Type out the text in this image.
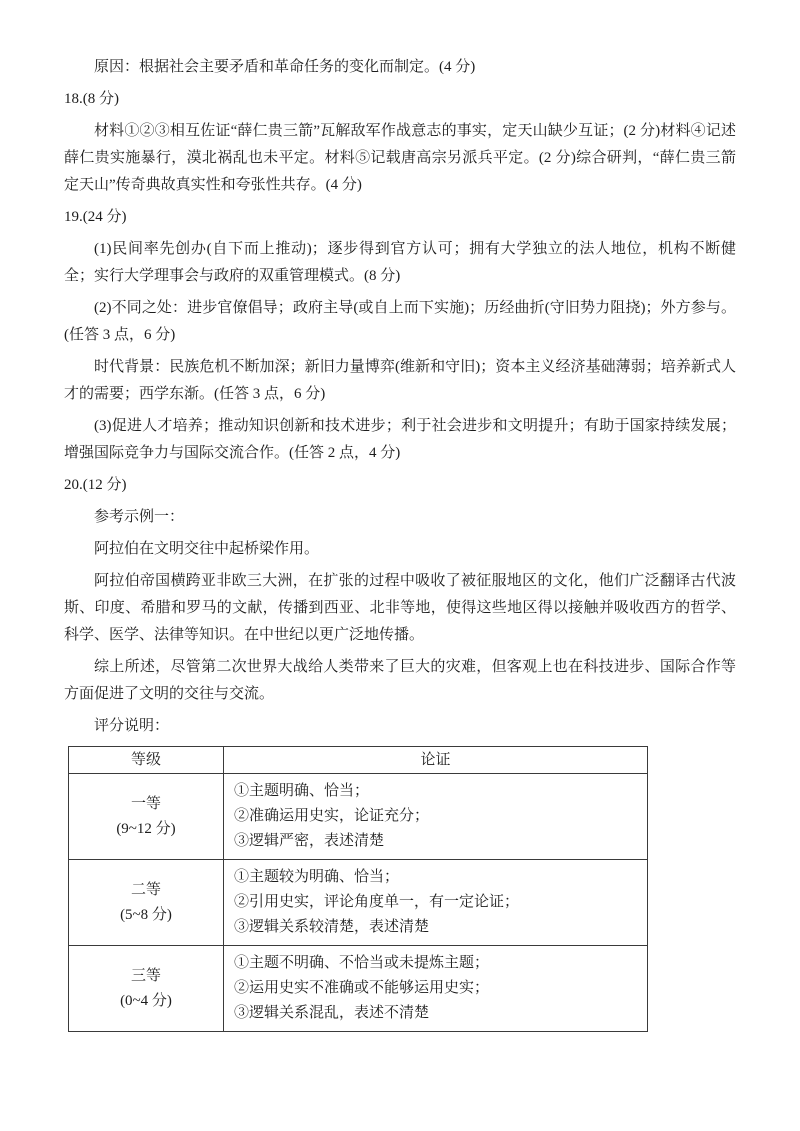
原因：根据社会主要矛盾和革命任务的变化而制定。(4 分)

18.(8 分)

材料①②③相互佐证“薛仁贵三箭”瓦解敌军作战意志的事实，定天山缺少互证；(2 分)材料④记述薛仁贵实施暴行，漠北祸乱也未平定。材料⑤记载唐高宗另派兵平定。(2 分)综合研判，“薛仁贵三箭定天山”传奇典故真实性和夸张性共存。(4 分)

19.(24 分)

(1)民间率先创办(自下而上推动)；逐步得到官方认可；拥有大学独立的法人地位，机构不断健全；实行大学理事会与政府的双重管理模式。(8 分)

(2)不同之处：进步官僚倡导；政府主导(或自上而下实施)；历经曲折(守旧势力阻挠)；外方参与。(任答 3 点，6 分)

时代背景：民族危机不断加深；新旧力量博弈(维新和守旧)；资本主义经济基础薄弱；培养新式人才的需要；西学东渐。(任答 3 点，6 分)

(3)促进人才培养；推动知识创新和技术进步；利于社会进步和文明提升；有助于国家持续发展；增强国际竞争力与国际交流合作。(任答 2 点，4 分)

20.(12 分)

参考示例一：

阿拉伯在文明交往中起桥梁作用。

阿拉伯帝国横跨亚非欧三大洲，在扩张的过程中吸收了被征服地区的文化，他们广泛翻译古代波斯、印度、希腊和罗马的文献，传播到西亚、北非等地，使得这些地区得以接触并吸收西方的哲学、科学、医学、法律等知识。在中世纪以更广泛地传播。

综上所述，尽管第二次世界大战给人类带来了巨大的灾难，但客观上也在科技进步、国际合作等方面促进了文明的交往与交流。

评分说明：

等级	论证

一等
(9~12 分)	①主题明确、恰当；
②准确运用史实，论证充分；
③逻辑严密，表述清楚

二等
(5~8 分)	①主题较为明确、恰当；
②引用史实，评论角度单一，有一定论证；
③逻辑关系较清楚，表述清楚

三等
(0~4 分)	①主题不明确、不恰当或未提炼主题；
②运用史实不准确或不能够运用史实；
③逻辑关系混乱，表述不清楚
